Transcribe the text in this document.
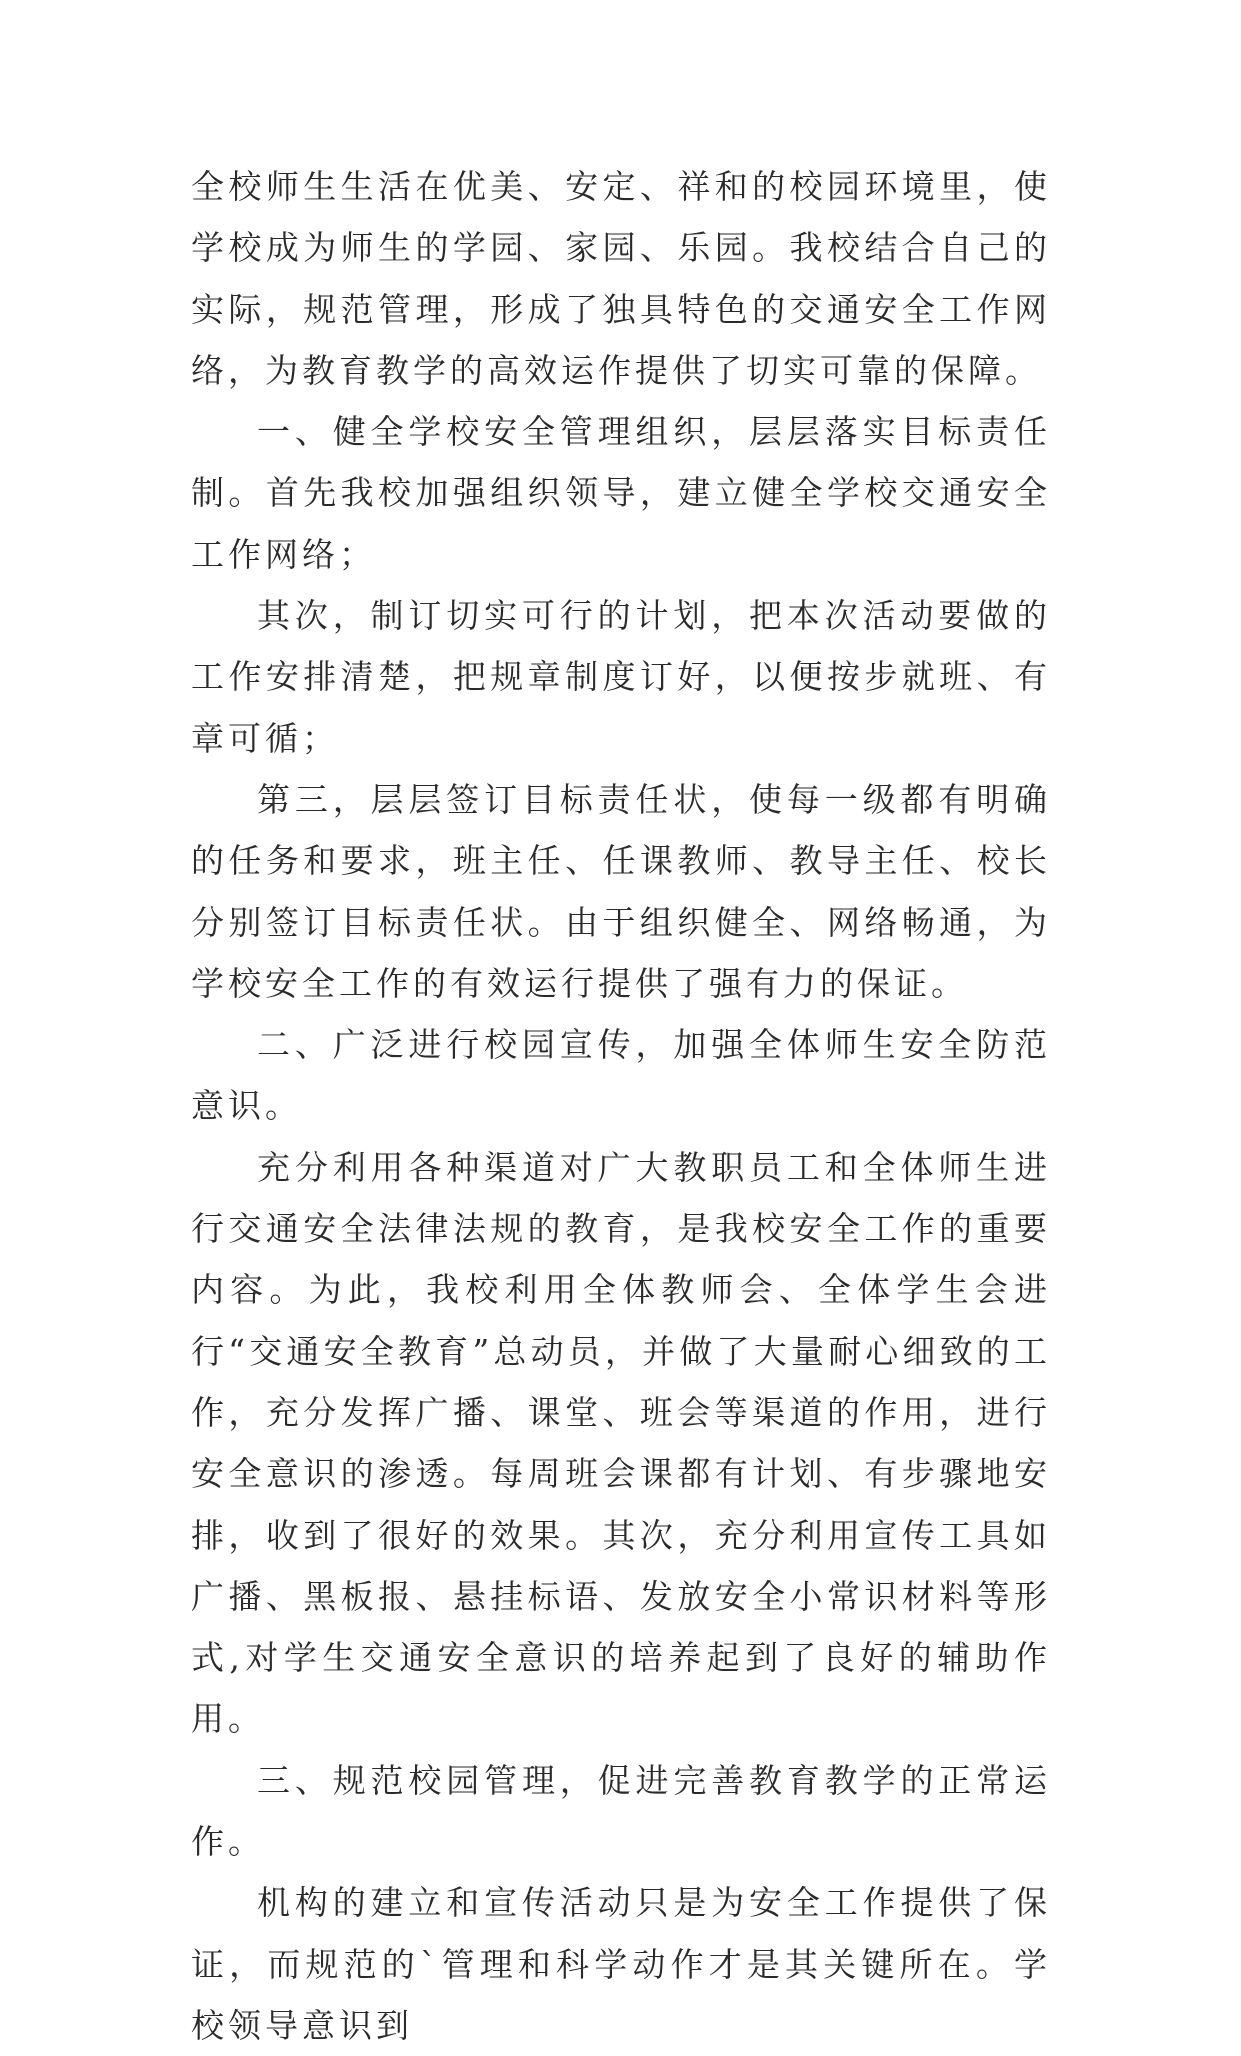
全校师生生活在优美、安定、祥和的校园环境里，使学校成为师生的学园、家园、乐园。我校结合自己的实际，规范管理，形成了独具特色的交通安全工作网络，为教育教学的高效运作提供了切实可靠的保障。

一、健全学校安全管理组织，层层落实目标责任制。首先我校加强组织领导，建立健全学校交通安全工作网络；

其次，制订切实可行的计划，把本次活动要做的工作安排清楚，把规章制度订好，以便按步就班、有章可循；

第三，层层签订目标责任状，使每一级都有明确的任务和要求，班主任、任课教师、教导主任、校长分别签订目标责任状。由于组织健全、网络畅通，为学校安全工作的有效运行提供了强有力的保证。

二、广泛进行校园宣传，加强全体师生安全防范意识。

充分利用各种渠道对广大教职员工和全体师生进行交通安全法律法规的教育，是我校安全工作的重要内容。为此，我校利用全体教师会、全体学生会进行“交通安全教育”总动员，并做了大量耐心细致的工作，充分发挥广播、课堂、班会等渠道的作用，进行安全意识的渗透。每周班会课都有计划、有步骤地安排，收到了很好的效果。其次，充分利用宣传工具如广播、黑板报、悬挂标语、发放安全小常识材料等形式,对学生交通安全意识的培养起到了良好的辅助作用。

三、规范校园管理，促进完善教育教学的正常运作。

机构的建立和宣传活动只是为安全工作提供了保证，而规范的`管理和科学动作才是其关键所在。学校领导意识到
